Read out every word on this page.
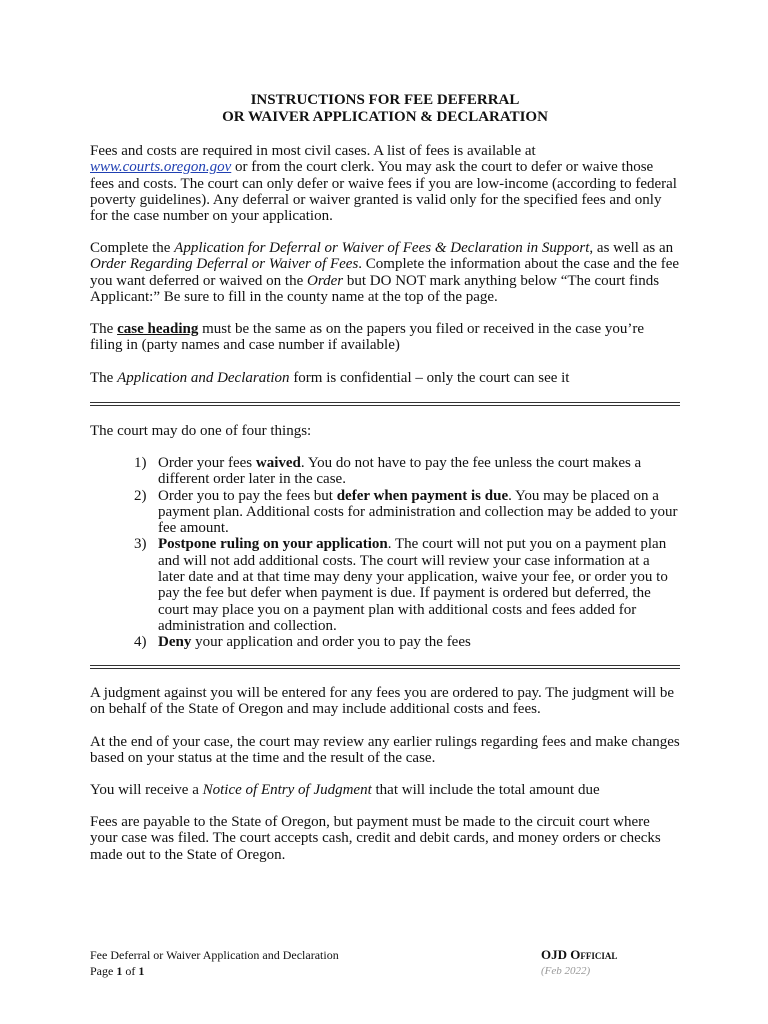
INSTRUCTIONS FOR FEE DEFERRAL
OR WAIVER APPLICATION & DECLARATION
Fees and costs are required in most civil cases. A list of fees is available at
www.courts.oregon.gov or from the court clerk. You may ask the court to defer or waive those fees and costs. The court can only defer or waive fees if you are low-income (according to federal poverty guidelines). Any deferral or waiver granted is valid only for the specified fees and only for the case number on your application.
Complete the Application for Deferral or Waiver of Fees & Declaration in Support, as well as an Order Regarding Deferral or Waiver of Fees. Complete the information about the case and the fee you want deferred or waived on the Order but DO NOT mark anything below “The court finds Applicant:” Be sure to fill in the county name at the top of the page.
The case heading must be the same as on the papers you filed or received in the case you’re filing in (party names and case number if available)
The Application and Declaration form is confidential – only the court can see it
The court may do one of four things:
1) Order your fees waived. You do not have to pay the fee unless the court makes a different order later in the case.
2) Order you to pay the fees but defer when payment is due. You may be placed on a payment plan. Additional costs for administration and collection may be added to your fee amount.
3) Postpone ruling on your application. The court will not put you on a payment plan and will not add additional costs. The court will review your case information at a later date and at that time may deny your application, waive your fee, or order you to pay the fee but defer when payment is due. If payment is ordered but deferred, the court may place you on a payment plan with additional costs and fees added for administration and collection.
4) Deny your application and order you to pay the fees
A judgment against you will be entered for any fees you are ordered to pay. The judgment will be on behalf of the State of Oregon and may include additional costs and fees.
At the end of your case, the court may review any earlier rulings regarding fees and make changes based on your status at the time and the result of the case.
You will receive a Notice of Entry of Judgment that will include the total amount due
Fees are payable to the State of Oregon, but payment must be made to the circuit court where your case was filed. The court accepts cash, credit and debit cards, and money orders or checks made out to the State of Oregon.
Fee Deferral or Waiver Application and Declaration
Page 1 of 1
OJD Official
(Feb 2022)
